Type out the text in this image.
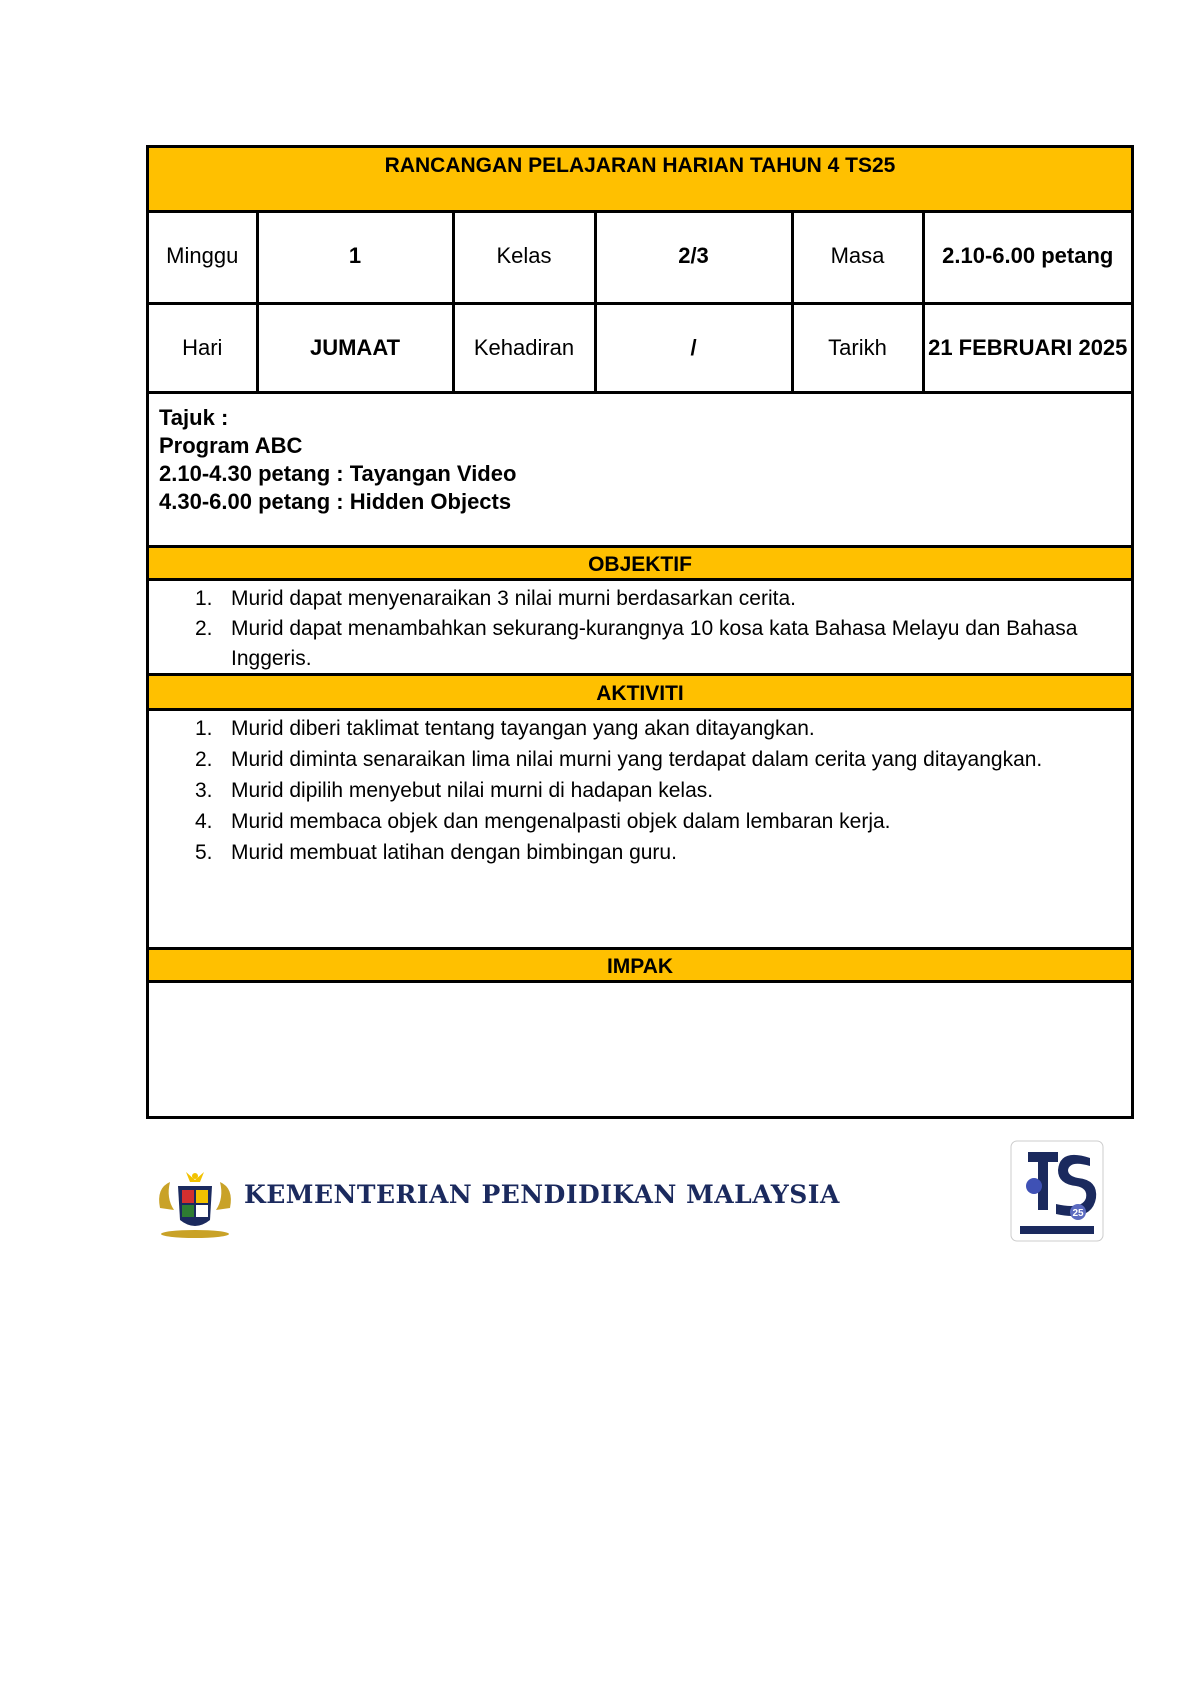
RANCANGAN PELAJARAN HARIAN TAHUN 4 TS25
Minggu	1	Kelas	2/3	Masa	2.10-6.00 petang
Hari	JUMAAT	Kehadiran	/	Tarikh	21 FEBRUARI 2025
Tajuk :
Program ABC
2.10-4.30 petang : Tayangan Video
4.30-6.00 petang : Hidden Objects
OBJEKTIF
1. Murid dapat menyenaraikan 3 nilai murni berdasarkan cerita.
2. Murid dapat menambahkan sekurang-kurangnya 10 kosa kata Bahasa Melayu dan Bahasa Inggeris.
AKTIVITI
1. Murid diberi taklimat tentang tayangan yang akan ditayangkan.
2. Murid diminta senaraikan lima nilai murni yang terdapat dalam cerita yang ditayangkan.
3. Murid dipilih menyebut nilai murni di hadapan kelas.
4. Murid membaca objek dan mengenalpasti objek dalam lembaran kerja.
5. Murid membuat latihan dengan bimbingan guru.
IMPAK
KEMENTERIAN PENDIDIKAN MALAYSIA
25
